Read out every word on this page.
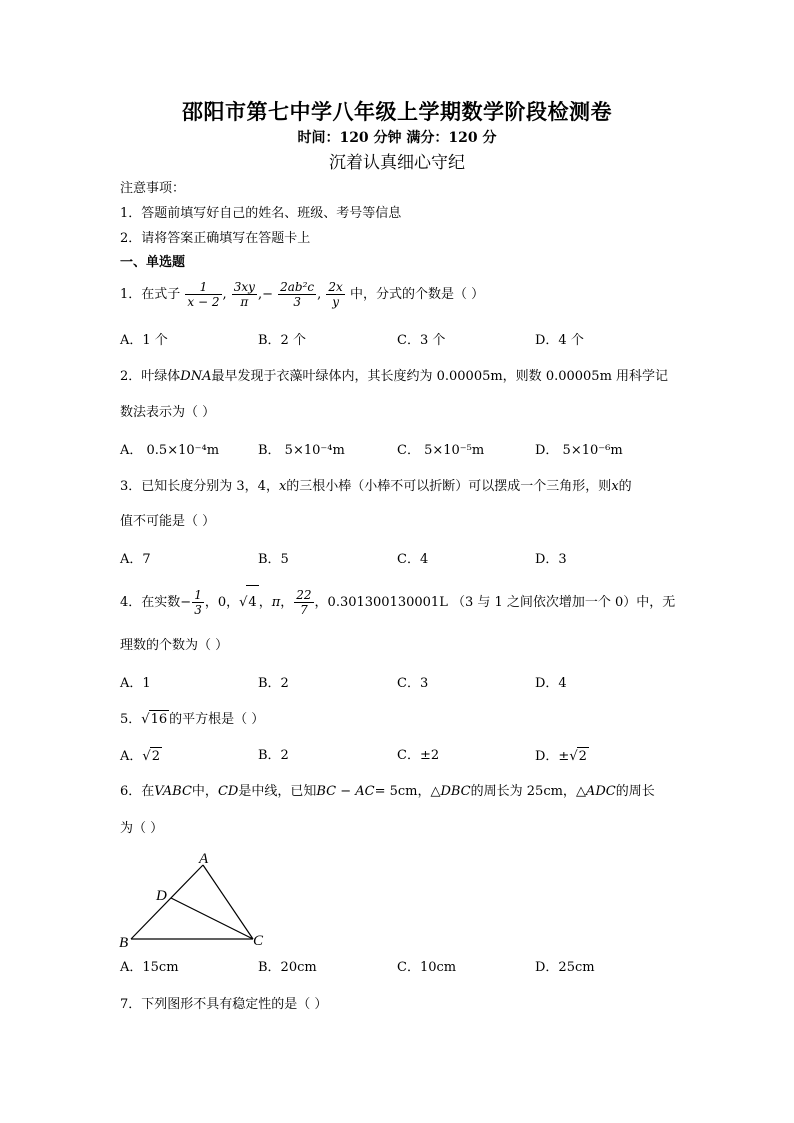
邵阳市第七中学八年级上学期数学阶段检测卷
时间：120 分钟 满分：120 分
沉着认真细心守纪
注意事项：
1．答题前填写好自己的姓名、班级、考号等信息
2．请将答案正确填写在答题卡上
一、单选题
1．在式子 $\frac{1}{x - 2}$ , $\frac{3xy}{\pi}$ ,− $\frac{\text{2ab²c}}{3}$ , $\frac{2x}{y}$ 中，分式的个数是（ ）
A．1 个	B．2 个	C．3 个	D．4 个
2．叶绿体DNA最早发现于衣藻叶绿体内，其长度约为 0.00005m，则数 0.00005m 用科学记
数法表示为（ ）
A． 0.5×10⁻⁴m	B． 5×10⁻⁴m	C． 5×10⁻⁵m	D． 5×10⁻⁶m
3．已知长度分别为 3，4，x的三根小棒（小棒不可以折断）可以摆成一个三角形，则x的
值不可能是（ ）
A．7	B．5	C．4	D．3
4．在实数− $\frac{1}{3}$ ，0，√4 ，π， $\frac{22}{7}$ ，0.301300130001L （3 与 1 之间依次增加一个 0）中，无
理数的个数为（ ）
A．1	B．2	C．3	D．4
5．√16 的平方根是（ ）
A．√2	B．2	C．±2	D．±√2
6．在VABC中，CD是中线，已知BC − AC= 5cm，△DBC的周长为 25cm，△ADC的周长
为（ ）
A
B	C
D
A．15cm	B．20cm	C．10cm	D．25cm
7．下列图形不具有稳定性的是（ ）
